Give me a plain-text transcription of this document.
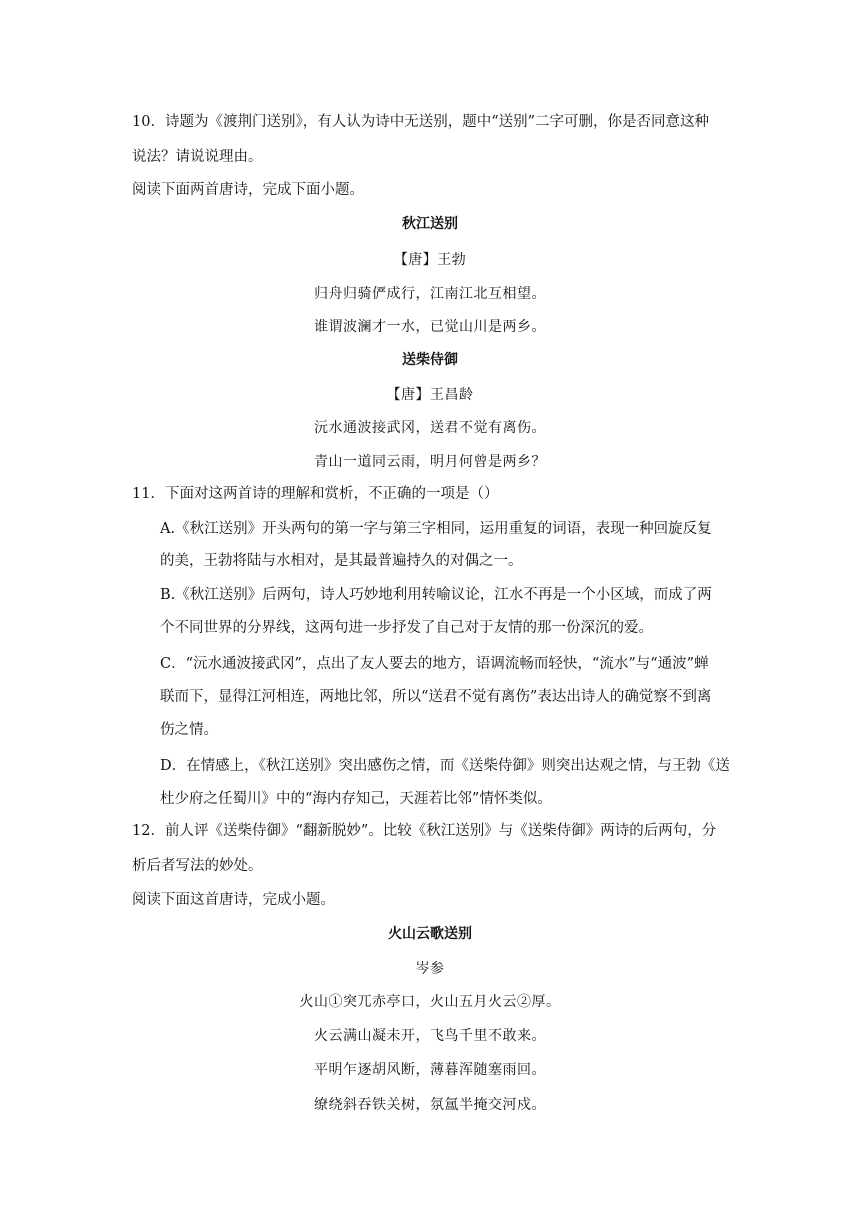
10．诗题为《渡荆门送别》，有人认为诗中无送别，题中“送别”二字可删，你是否同意这种
说法？请说说理由。
阅读下面两首唐诗，完成下面小题。
秋江送别
【唐】王勃
归舟归骑俨成行，江南江北互相望。
谁谓波澜才一水，已觉山川是两乡。
送柴侍御
【唐】王昌龄
沅水通波接武冈，送君不觉有离伤。
青山一道同云雨，明月何曾是两乡？
11．下面对这两首诗的理解和赏析，不正确的一项是（）
A.《秋江送别》开头两句的第一字与第三字相同，运用重复的词语，表现一种回旋反复
的美，王勃将陆与水相对，是其最普遍持久的对偶之一。
B.《秋江送别》后两句，诗人巧妙地利用转喻议论，江水不再是一个小区域，而成了两
个不同世界的分界线，这两句进一步抒发了自己对于友情的那一份深沉的爱。
C．“沅水通波接武冈”，点出了友人要去的地方，语调流畅而轻快，“流水”与“通波”蝉
联而下，显得江河相连，两地比邻，所以“送君不觉有离伤”表达出诗人的确觉察不到离
伤之情。
D．在情感上，《秋江送别》突出感伤之情，而《送柴侍御》则突出达观之情，与王勃《送
杜少府之任蜀川》中的“海内存知己，天涯若比邻”情怀类似。
12．前人评《送柴侍御》“翻新脱妙”。比较《秋江送别》与《送柴侍御》两诗的后两句，分
析后者写法的妙处。
阅读下面这首唐诗，完成小题。
火山云歌送别
岑参
火山①突兀赤亭口，火山五月火云②厚。
火云满山凝未开，飞鸟千里不敢来。
平明乍逐胡风断，薄暮浑随塞雨回。
缭绕斜吞铁关树，氛氲半掩交河戍。
